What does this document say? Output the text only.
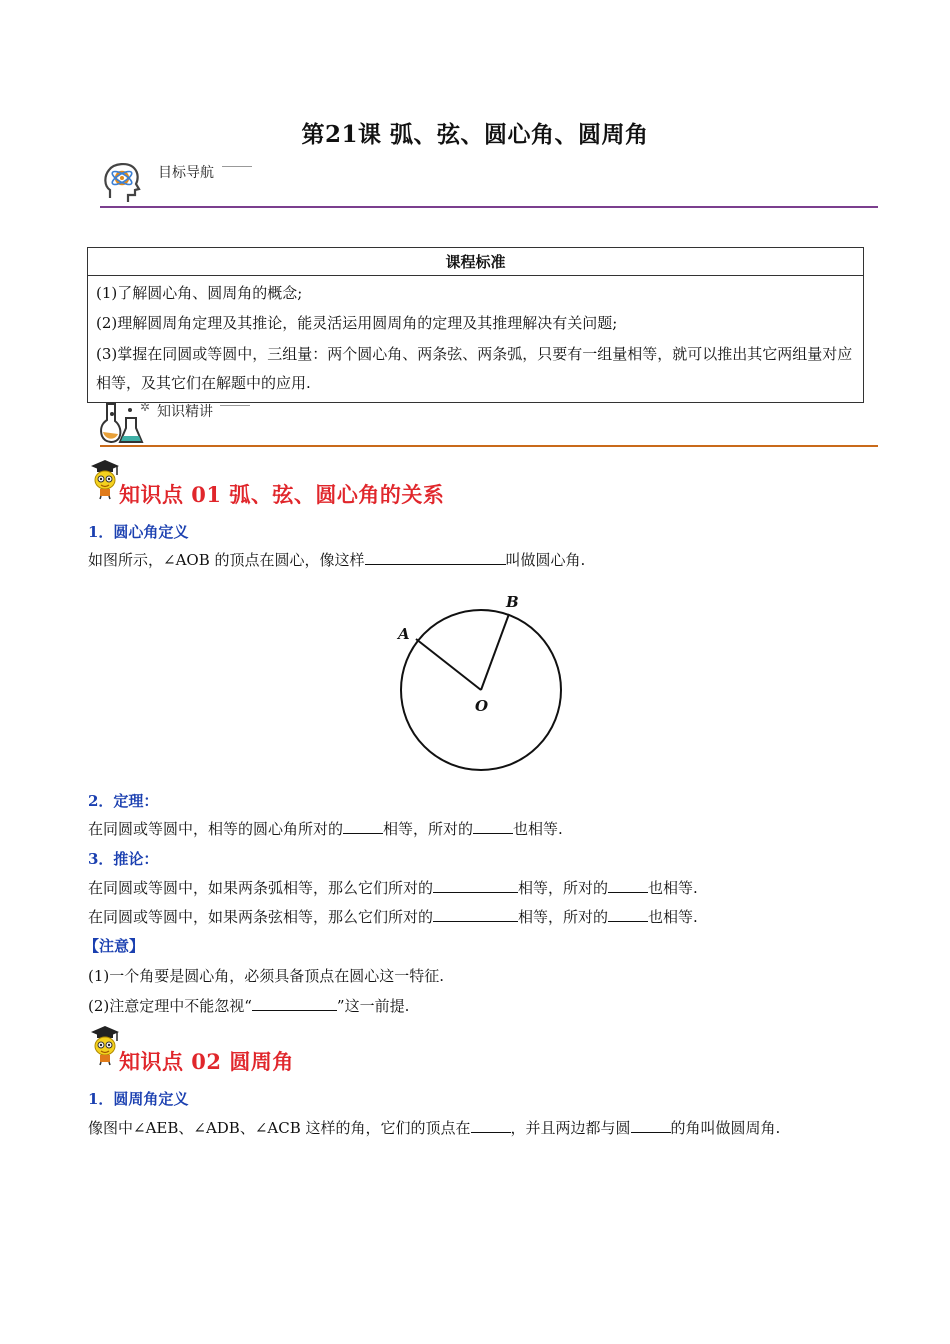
第21课 弧、弦、圆心角、圆周角
目标导航
课程标准

(1)了解圆心角、圆周角的概念;
(2)理解圆周角定理及其推论，能灵活运用圆周角的定理及其推理解决有关问题;
(3)掌握在同圆或等圆中，三组量：两个圆心角、两条弦、两条弧，只要有一组量相等，就可以推出其它两组量对应相等，及其它们在解题中的应用.
✲ 知识精讲
知识点 01 弧、弦、圆心角的关系
1．圆心角定义
如图所示，∠AOB 的顶点在圆心，像这样	叫做圆心角.
A
B
O
2．定理：
在同圆或等圆中，相等的圆心角所对的	相等，所对的	也相等.
3．推论：
在同圆或等圆中，如果两条弧相等，那么它们所对的	相等，所对的	也相等.
在同圆或等圆中，如果两条弦相等，那么它们所对的	相等，所对的	也相等.
【注意】
(1)一个角要是圆心角，必须具备顶点在圆心这一特征.
(2)注意定理中不能忽视“	”这一前提.
知识点 02 圆周角
1．圆周角定义
像图中∠AEB、∠ADB、∠ACB 这样的角，它们的顶点在	，并且两边都与圆	的角叫做圆周角.
